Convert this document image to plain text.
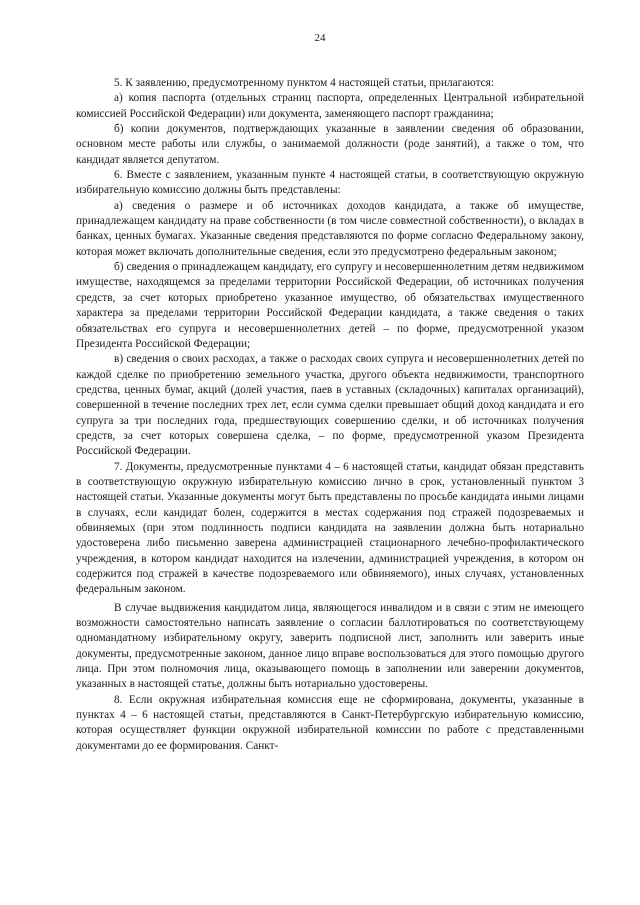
24

5. К заявлению, предусмотренному пунктом 4 настоящей статьи, прилагаются:

а) копия паспорта (отдельных страниц паспорта, определенных Центральной избирательной комиссией Российской Федерации) или документа, заменяющего паспорт гражданина;

б) копии документов, подтверждающих указанные в заявлении сведения об образовании, основном месте работы или службы, о занимаемой должности (роде занятий), а также о том, что кандидат является депутатом.

6. Вместе с заявлением, указанным пункте 4 настоящей статьи, в соответствующую окружную избирательную комиссию должны быть представлены:

а) сведения о размере и об источниках доходов кандидата, а также об имуществе, принадлежащем кандидату на праве собственности (в том числе совместной собственности), о вкладах в банках, ценных бумагах. Указанные сведения представляются по форме согласно Федеральному закону, которая может включать дополнительные сведения, если это предусмотрено федеральным законом;

б) сведения о принадлежащем кандидату, его супругу и несовершеннолетним детям недвижимом имуществе, находящемся за пределами территории Российской Федерации, об источниках получения средств, за счет которых приобретено указанное имущество, об обязательствах имущественного характера за пределами территории Российской Федерации кандидата, а также сведения о таких обязательствах его супруга и несовершеннолетних детей – по форме, предусмотренной указом Президента Российской Федерации;

в) сведения о своих расходах, а также о расходах своих супруга и несовершеннолетних детей по каждой сделке по приобретению земельного участка, другого объекта недвижимости, транспортного средства, ценных бумаг, акций (долей участия, паев в уставных (складочных) капиталах организаций), совершенной в течение последних трех лет, если сумма сделки превышает общий доход кандидата и его супруга за три последних года, предшествующих совершению сделки, и об источниках получения средств, за счет которых совершена сделка, – по форме, предусмотренной указом Президента Российской Федерации.

7. Документы, предусмотренные пунктами 4 – 6 настоящей статьи, кандидат обязан представить в соответствующую окружную избирательную комиссию лично в срок, установленный пунктом 3 настоящей статьи. Указанные документы могут быть представлены по просьбе кандидата иными лицами в случаях, если кандидат болен, содержится в местах содержания под стражей подозреваемых и обвиняемых (при этом подлинность подписи кандидата на заявлении должна быть нотариально удостоверена либо письменно заверена администрацией стационарного лечебно-профилактического учреждения, в котором кандидат находится на излечении, администрацией учреждения, в котором он содержится под стражей в качестве подозреваемого или обвиняемого), иных случаях, установленных федеральным законом.

В случае выдвижения кандидатом лица, являющегося инвалидом и в связи с этим не имеющего возможности самостоятельно написать заявление о согласии баллотироваться по соответствующему одномандатному избирательному округу, заверить подписной лист, заполнить или заверить иные документы, предусмотренные законом, данное лицо вправе воспользоваться для этого помощью другого лица. При этом полномочия лица, оказывающего помощь в заполнении или заверении документов, указанных в настоящей статье, должны быть нотариально удостоверены.

8. Если окружная избирательная комиссия еще не сформирована, документы, указанные в пунктах 4 – 6 настоящей статьи, представляются в Санкт-Петербургскую избирательную комиссию, которая осуществляет функции окружной избирательной комиссии по работе с представленными документами до ее формирования. Санкт-
